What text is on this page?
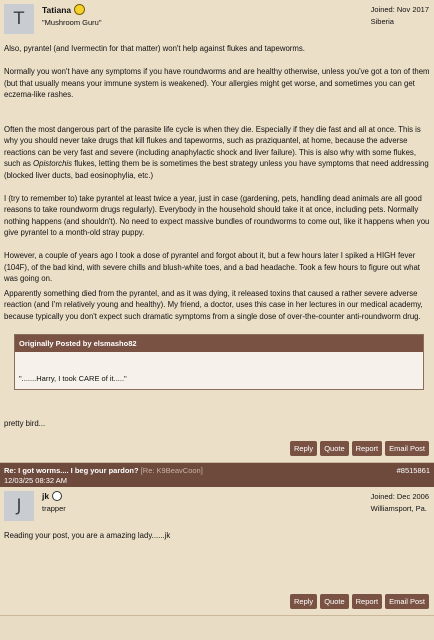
T	Tatiana
"Mushroom Guru"
Joined: Nov 2017
Siberia

Also, pyrantel (and Ivermectin for that matter) won't help against flukes and tapeworms.

Normally you won't have any symptoms if you have roundworms and are healthy otherwise, unless you've got a ton of them (but that usually means your immune system is weakened). Your allergies might get worse, and sometimes you can get eczema-like rashes.

Often the most dangerous part of the parasite life cycle is when they die. Especially if they die fast and all at once. This is why you should never take drugs that kill flukes and tapeworms, such as praziquantel, at home, because the adverse reactions can be very fast and severe (including anaphylactic shock and liver failure). This is also why with some flukes, such as Opistorchis flukes, letting them be is sometimes the best strategy unless you have symptoms that need addressing (blocked liver ducts, bad eosinophylia, etc.)

I (try to remember to) take pyrantel at least twice a year, just in case (gardening, pets, handling dead animals are all good reasons to take roundworm drugs regularly). Everybody in the household should take it at once, including pets. Normally nothing happens (and shouldn't). No need to expect massive bundles of roundworms to come out, like it happens when you give pyrantel to a month-old stray puppy.

However, a couple of years ago I took a dose of pyrantel and forgot about it, but a few hours later I spiked a HIGH fever (104F), of the bad kind, with severe chills and blush-white toes, and a bad headache. Took a few hours to figure out what was going on.

Apparently something died from the pyrantel, and as it was dying, it released toxins that caused a rather severe adverse reaction (and I'm relatively young and healthy). My friend, a doctor, uses this case in her lectures in our medical academy, because typically you don't expect such dramatic symptoms from a single dose of over-the-counter anti-roundworm drug.

Originally Posted by elsmasho82
".......Harry, I took CARE of it....."

pretty bird...

Reply	Quote	Report	Email Post
Re: I got worms.... I beg your pardon? [Re: K9BeavCoon]
12/03/25 08:32 AM
#8515861
J	jk
trapper
Joined: Dec 2006
Williamsport, Pa.

Reading your post, you are a amazing lady......jk

Reply	Quote	Report	Email Post
